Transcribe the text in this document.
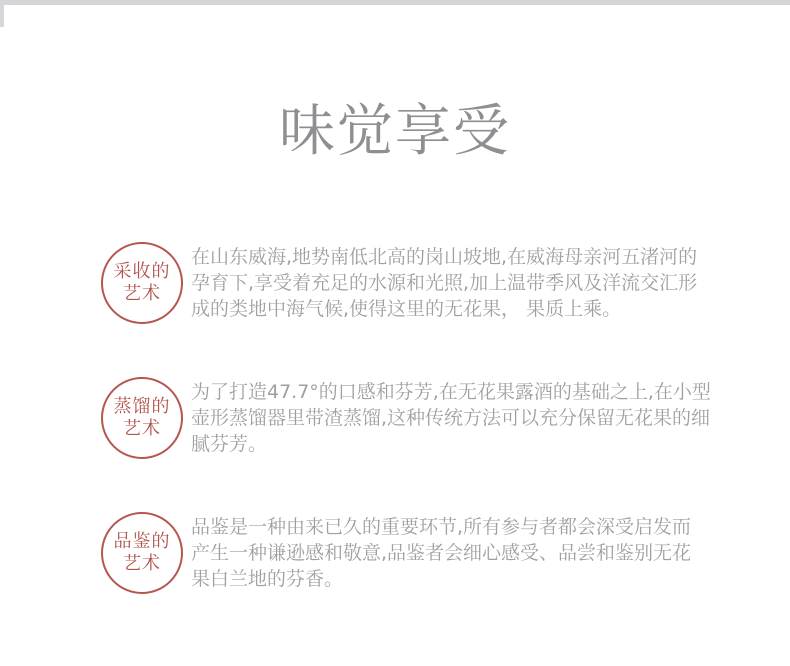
味觉享受
采收的
艺术
在山东威海,地势南低北高的岗山坡地,在威海母亲河五渚河的
孕育下,享受着充足的水源和光照,加上温带季风及洋流交汇形
成的类地中海气候,使得这里的无花果， 果质上乘。
蒸馏的
艺术
为了打造47.7°的口感和芬芳,在无花果露酒的基础之上,在小型
壶形蒸馏器里带渣蒸馏,这种传统方法可以充分保留无花果的细
腻芬芳。
品鉴的
艺术
品鉴是一种由来已久的重要环节,所有参与者都会深受启发而
产生一种谦逊感和敬意,品鉴者会细心感受、品尝和鉴别无花
果白兰地的芬香。
